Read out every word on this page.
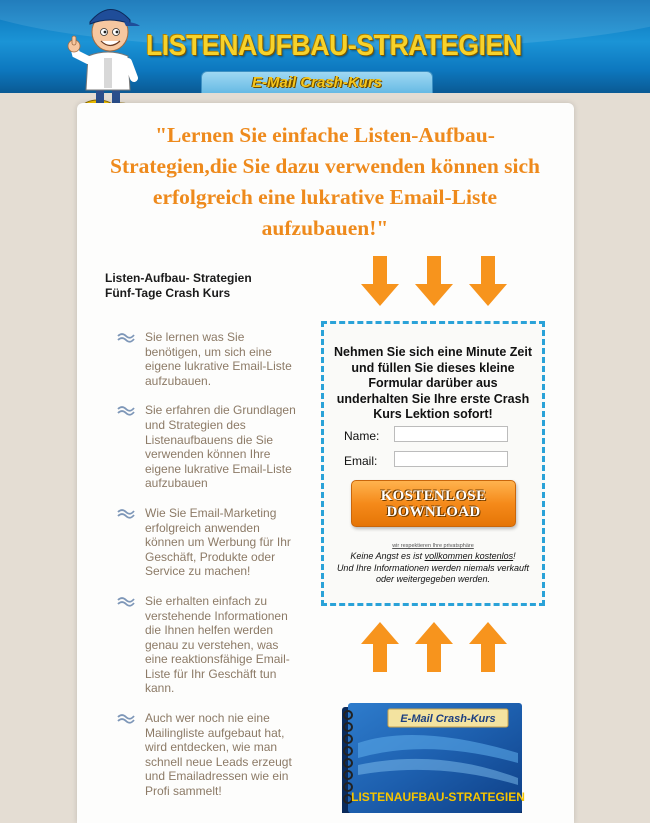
LISTENAUFBAU-STRATEGIEN
E-Mail Crash-Kurs
"Lernen Sie einfache Listen-Aufbau-Strategien,die Sie dazu verwenden können sich erfolgreich eine lukrative Email-Liste aufzubauen!"
Listen-Aufbau- Strategien
Fünf-Tage Crash Kurs
Sie lernen was Sie benötigen, um sich eine eigene lukrative Email-Liste aufzubauen.
Sie erfahren die Grundlagen und Strategien des Listenaufbauens die Sie verwenden können Ihre eigene lukrative Email-Liste aufzubauen
Wie Sie Email-Marketing erfolgreich anwenden können um Werbung für Ihr Geschäft, Produkte oder Service zu machen!
Sie erhalten einfach zu verstehende Informationen die Ihnen helfen werden genau zu verstehen, was eine reaktionsfähige Email-Liste für Ihr Geschäft tun kann.
Auch wer noch nie eine Mailingliste aufgebaut hat, wird entdecken, wie man schnell neue Leads erzeugt und Emailadressen wie ein Profi sammelt!
Nehmen Sie sich eine Minute Zeit und füllen Sie dieses kleine Formular darüber aus underhalten Sie Ihre erste Crash Kurs Lektion sofort!
Name:
Email:
KOSTENLOSE
DOWNLOAD
wir respektieren Ihre privatsphäre
Keine Angst es ist vollkommen kostenlos!
Und Ihre Informationen werden niemals verkauft oder weitergegeben werden.
E-Mail Crash-Kurs
LISTENAUFBAU-STRATEGIEN
